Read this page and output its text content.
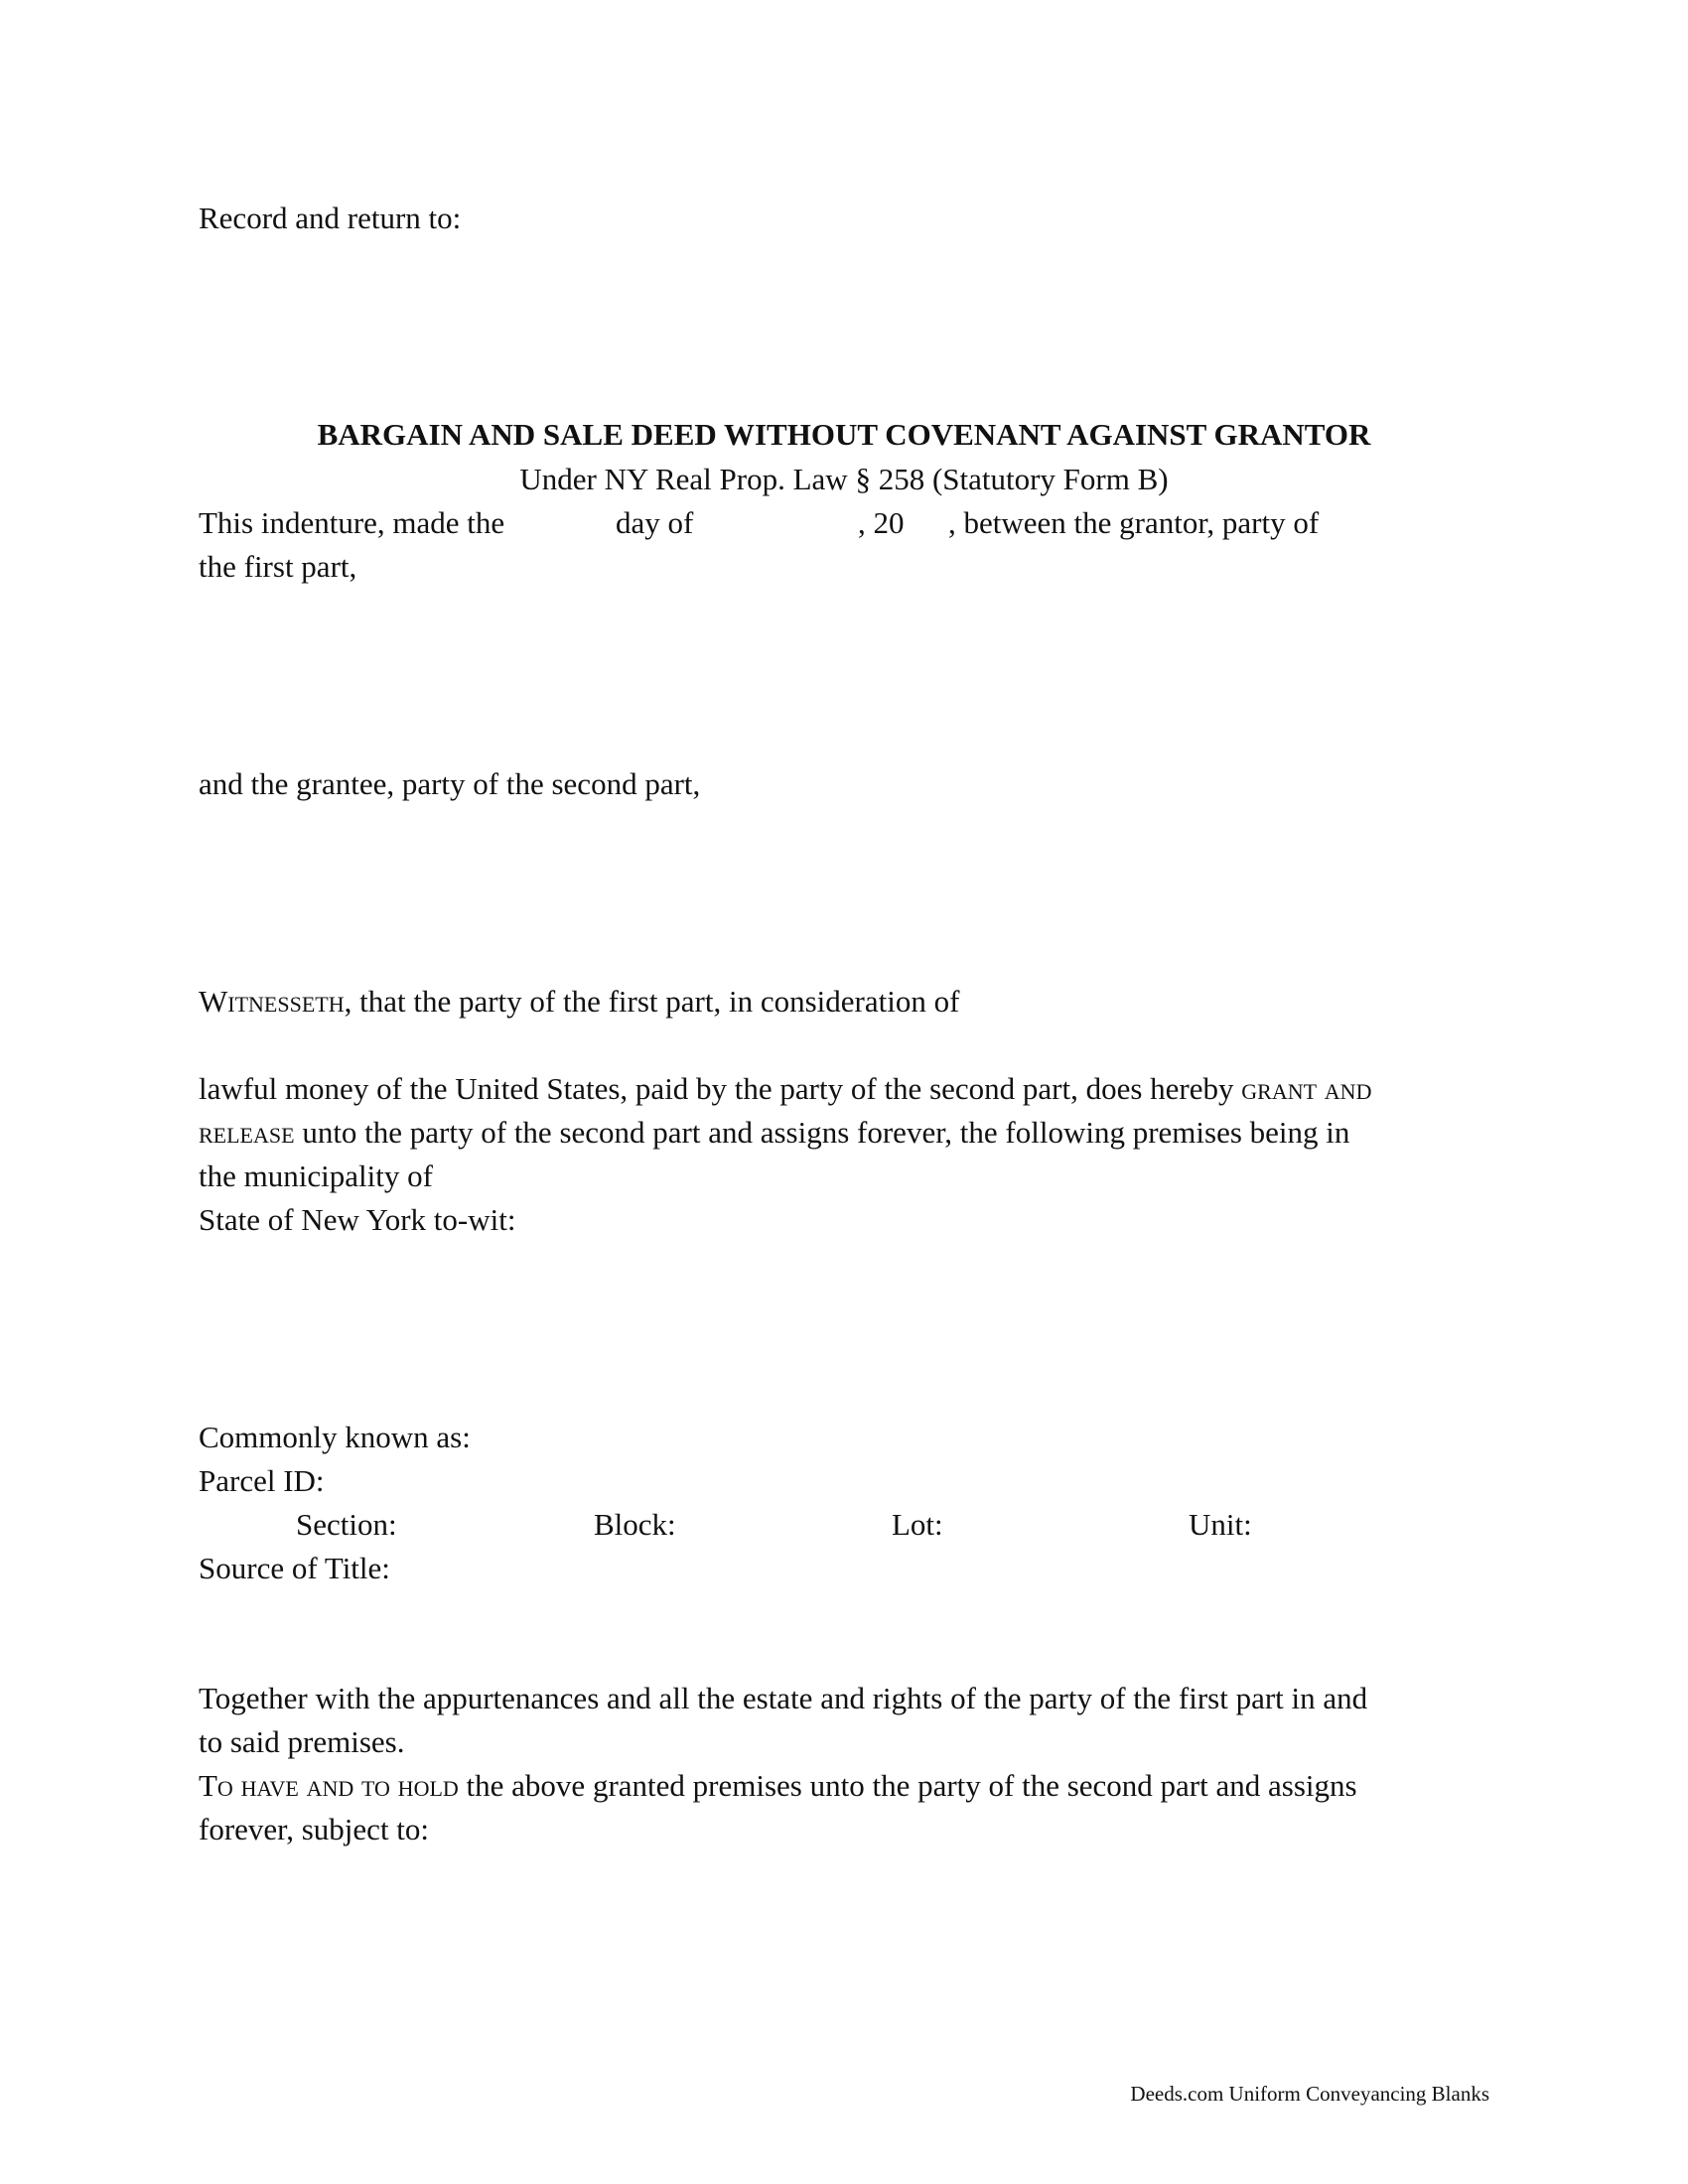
Record and return to:
BARGAIN AND SALE DEED WITHOUT COVENANT AGAINST GRANTOR
Under NY Real Prop. Law § 258 (Statutory Form B)
This indenture, made the	day of	, 20 , between the grantor, party of
the first part,
and the grantee, party of the second part,
Witnesseth, that the party of the first part, in consideration of
lawful money of the United States, paid by the party of the second part, does hereby grant and
release unto the party of the second part and assigns forever, the following premises being in
the municipality of
State of New York to-wit:
Commonly known as:
Parcel ID:
Section:	Block:	Lot:	Unit:
Source of Title:
Together with the appurtenances and all the estate and rights of the party of the first part in and
to said premises.
To have and to hold the above granted premises unto the party of the second part and assigns
forever, subject to:
Deeds.com Uniform Conveyancing Blanks
